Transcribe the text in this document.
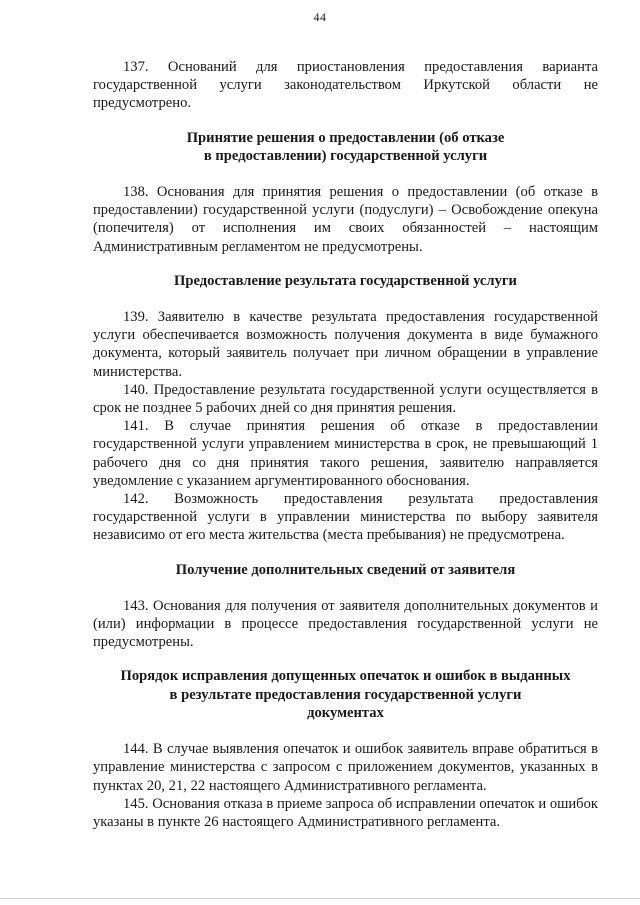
44

137. Оснований для приостановления предоставления варианта государственной услуги законодательством Иркутской области не предусмотрено.

Принятие решения о предоставлении (об отказе
в предоставлении) государственной услуги

138. Основания для принятия решения о предоставлении (об отказе в предоставлении) государственной услуги (подуслуги) – Освобождение опекуна (попечителя) от исполнения им своих обязанностей – настоящим Административным регламентом не предусмотрены.

Предоставление результата государственной услуги

139. Заявителю в качестве результата предоставления государственной услуги обеспечивается возможность получения документа в виде бумажного документа, который заявитель получает при личном обращении в управление министерства.

140. Предоставление результата государственной услуги осуществляется в срок не позднее 5 рабочих дней со дня принятия решения.

141. В случае принятия решения об отказе в предоставлении государственной услуги управлением министерства в срок, не превышающий 1 рабочего дня со дня принятия такого решения, заявителю направляется уведомление с указанием аргументированного обоснования.

142. Возможность предоставления результата предоставления государственной услуги в управлении министерства по выбору заявителя независимо от его места жительства (места пребывания) не предусмотрена.

Получение дополнительных сведений от заявителя

143. Основания для получения от заявителя дополнительных документов и (или) информации в процессе предоставления государственной услуги не предусмотрены.

Порядок исправления допущенных опечаток и ошибок в выданных
в результате предоставления государственной услуги
документах

144. В случае выявления опечаток и ошибок заявитель вправе обратиться в управление министерства с запросом с приложением документов, указанных в пунктах 20, 21, 22 настоящего Административного регламента.

145. Основания отказа в приеме запроса об исправлении опечаток и ошибок указаны в пункте 26 настоящего Административного регламента.
